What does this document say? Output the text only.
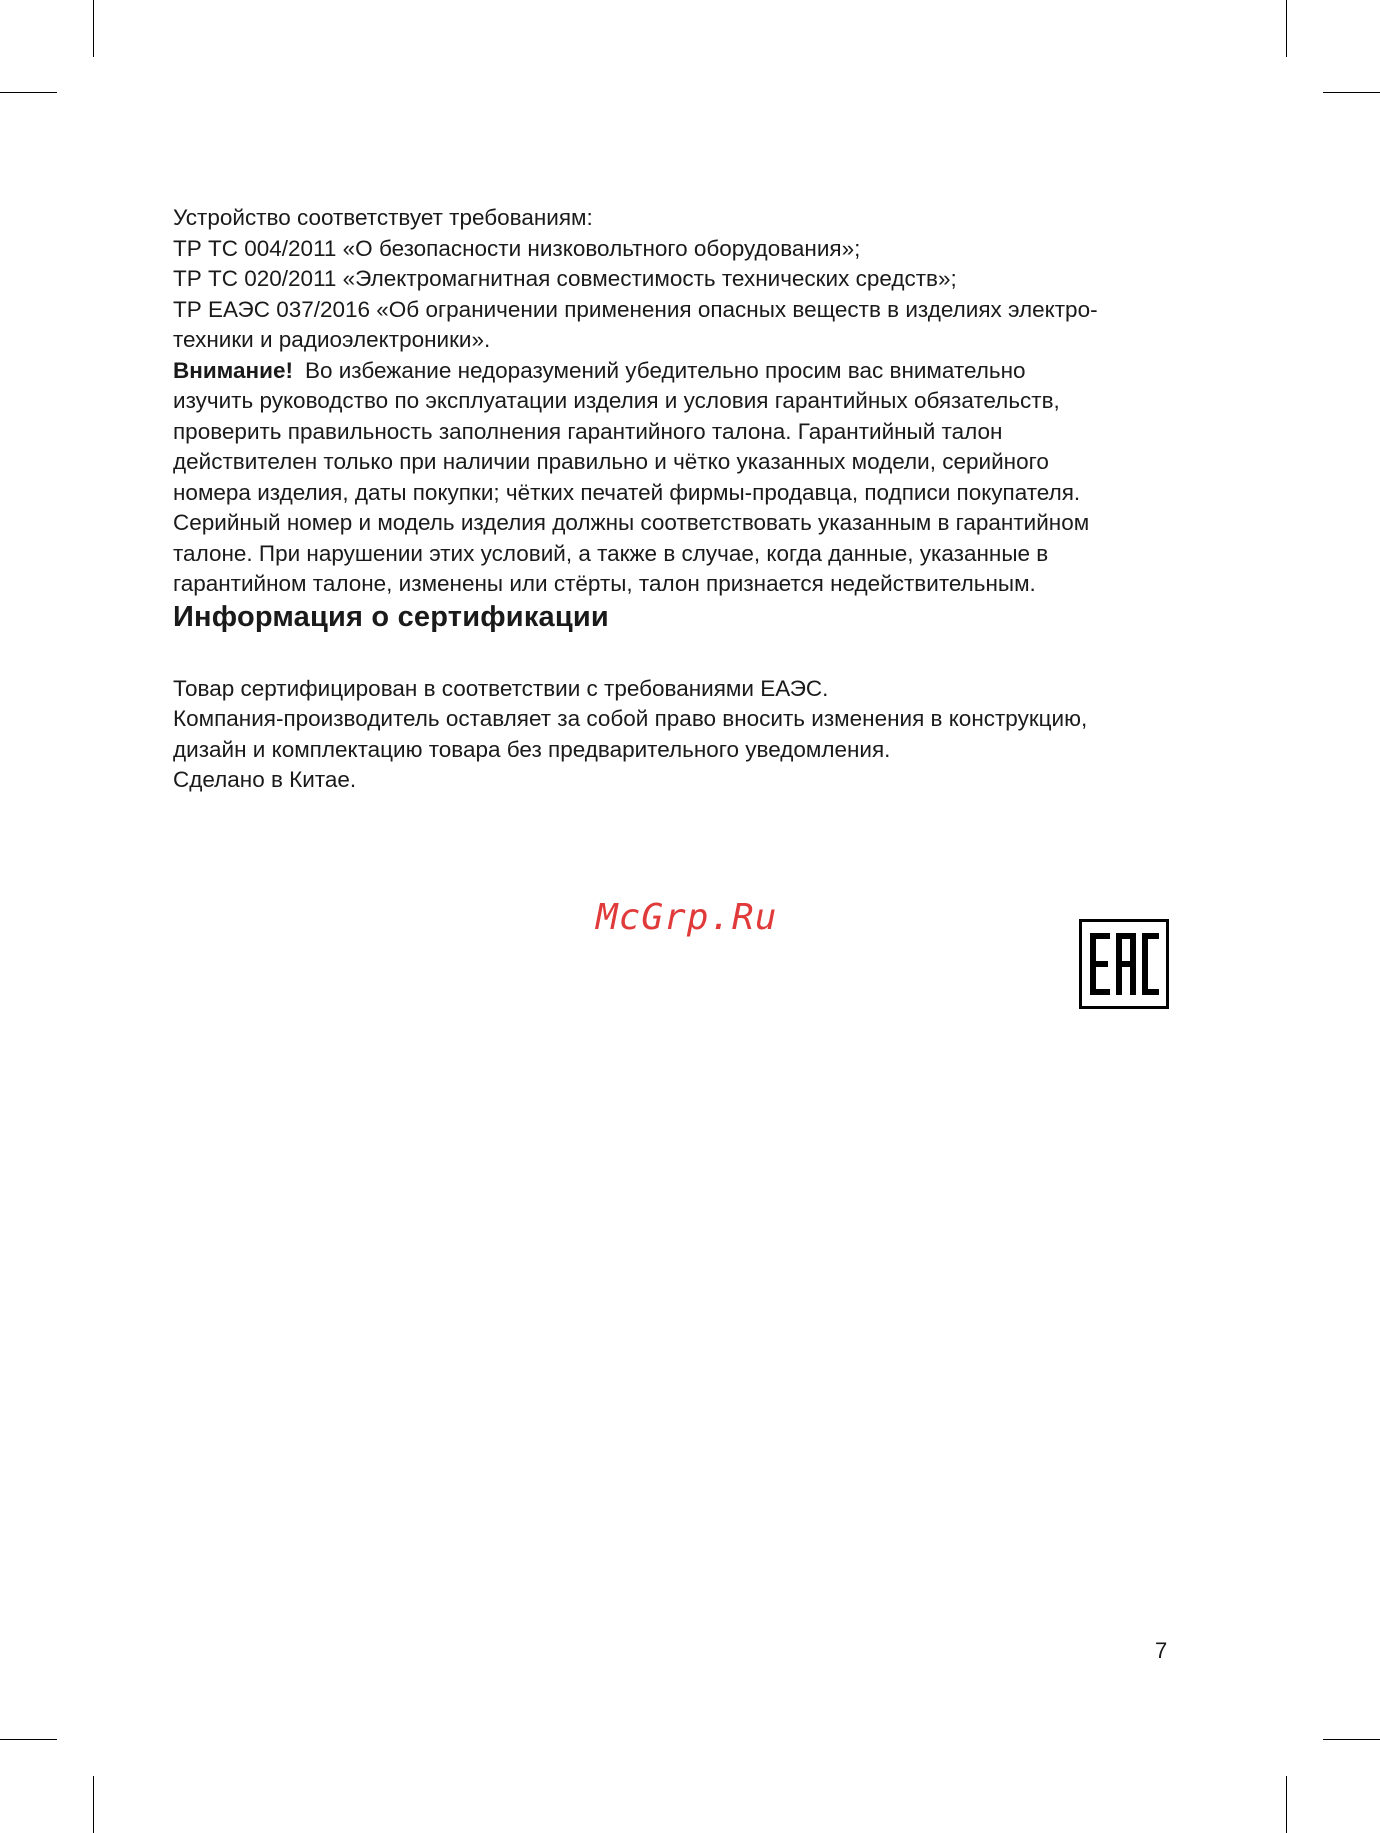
Устройство соответствует требованиям:
ТР ТС 004/2011 «О безопасности низковольтного оборудования»;
ТР ТС 020/2011 «Электромагнитная совместимость технических средств»;
ТР ЕАЭС 037/2016 «Об ограничении применения опасных веществ в изделиях электро-
техники и радиоэлектроники».

Внимание! Во избежание недоразумений убедительно просим вас внимательно
изучить руководство по эксплуатации изделия и условия гарантийных обязательств,
проверить правильность заполнения гарантийного талона. Гарантийный талон
действителен только при наличии правильно и чётко указанных модели, серийного
номера изделия, даты покупки; чётких печатей фирмы-продавца, подписи покупателя.
Серийный номер и модель изделия должны соответствовать указанным в гарантийном
талоне. При нарушении этих условий, а также в случае, когда данные, указанные в
гарантийном талоне, изменены или стёрты, талон признается недействительным.

Информация о сертификации

Товар сертифицирован в соответствии с требованиями ЕАЭС.

Компания-производитель оставляет за собой право вносить изменения в конструкцию,
дизайн и комплектацию товара без предварительного уведомления.

Сделано в Китае.

McGrp.Ru
7
